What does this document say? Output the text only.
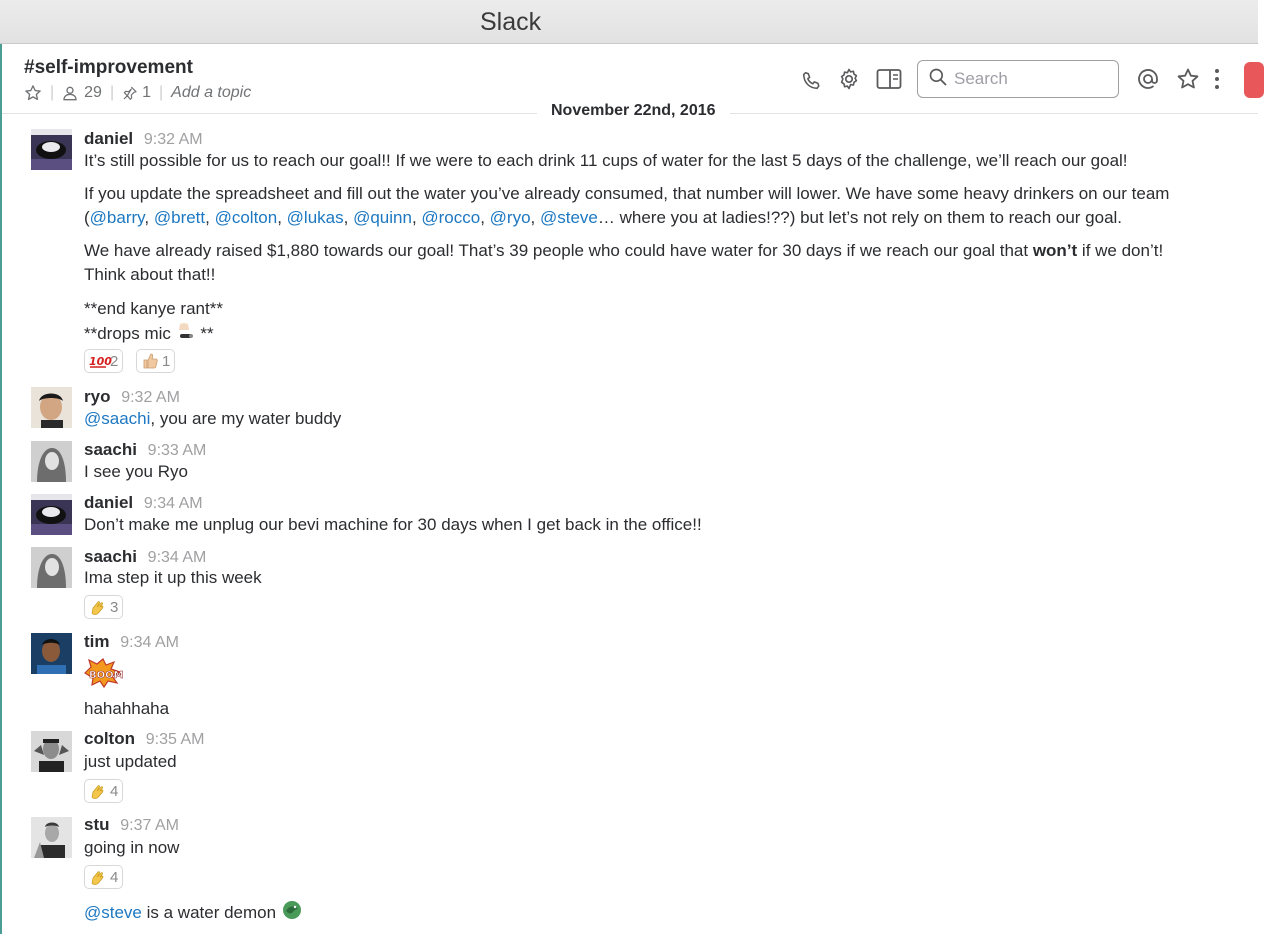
Slack
#self-improvement
| 29 | 1 | Add a topic
Search
November 22nd, 2016
daniel 9:32 AM
It’s still possible for us to reach our goal!! If we were to each drink 11 cups of water for the last 5 days of the challenge, we’ll reach our goal!
If you update the spreadsheet and fill out the water you’ve already consumed, that number will lower. We have some heavy drinkers on our team
(@barry, @brett, @colton, @lukas, @quinn, @rocco, @ryo, @steve… where you at ladies!??) but let’s not rely on them to reach our goal.
We have already raised $1,880 towards our goal! That’s 39 people who could have water for 30 days if we reach our goal that won’t if we don’t!
Think about that!!
**end kanye rant**
**drops mic  **
100
2	1
ryo 9:32 AM
@saachi, you are my water buddy
saachi 9:33 AM
I see you Ryo
daniel 9:34 AM
Don’t make me unplug our bevi machine for 30 days when I get back in the office!!
saachi 9:34 AM
Ima step it up this week
3
tim 9:34 AM
BOOM
hahahhaha
colton 9:35 AM
just updated
4
stu 9:37 AM
going in now
4
@steve is a water demon
